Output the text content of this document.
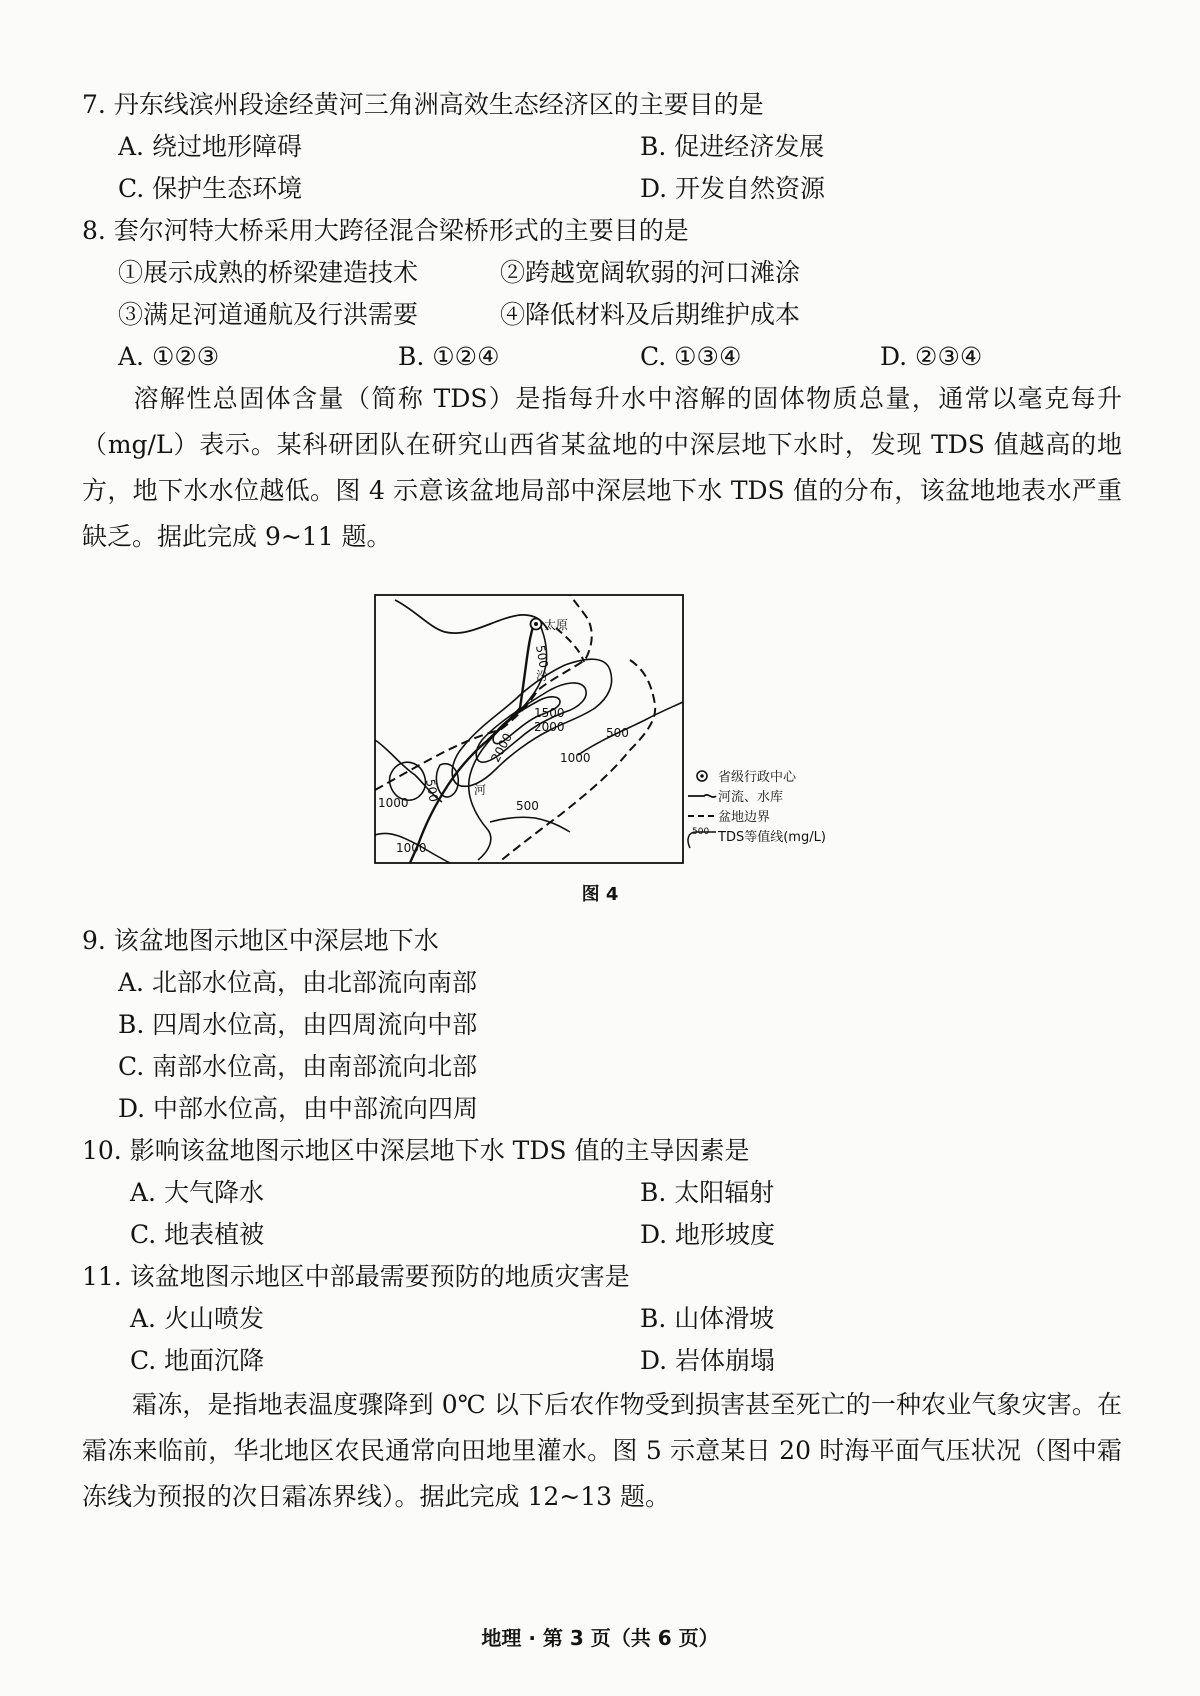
7. 丹东线滨州段途经黄河三角洲高效生态经济区的主要目的是
A. 绕过地形障碍	B. 促进经济发展
C. 保护生态环境	D. 开发自然资源
8. 套尔河特大桥采用大跨径混合梁桥形式的主要目的是
①展示成熟的桥梁建造技术	②跨越宽阔软弱的河口滩涂
③满足河道通航及行洪需要	④降低材料及后期维护成本
A. ①②③	B. ①②④	C. ①③④	D. ②③④
溶解性总固体含量（简称 TDS）是指每升水中溶解的固体物质总量，通常以毫克每升（mg/L）表示。某科研团队在研究山西省某盆地的中深层地下水时，发现 TDS 值越高的地方，地下水水位越低。图 4 示意该盆地局部中深层地下水 TDS 值的分布，该盆地地表水严重缺乏。据此完成 9~11 题。
太原
500
汾
1500
2000
2000	500
1000
500	河
1000	500
1000
省级行政中心
河流、水库
盆地边界
500 TDS等值线(mg/L)
图 4
9. 该盆地图示地区中深层地下水
A. 北部水位高，由北部流向南部
B. 四周水位高，由四周流向中部
C. 南部水位高，由南部流向北部
D. 中部水位高，由中部流向四周
10. 影响该盆地图示地区中深层地下水 TDS 值的主导因素是
A. 大气降水	B. 太阳辐射
C. 地表植被	D. 地形坡度
11. 该盆地图示地区中部最需要预防的地质灾害是
A. 火山喷发	B. 山体滑坡
C. 地面沉降	D. 岩体崩塌
霜冻，是指地表温度骤降到 0℃ 以下后农作物受到损害甚至死亡的一种农业气象灾害。在霜冻来临前，华北地区农民通常向田地里灌水。图 5 示意某日 20 时海平面气压状况（图中霜冻线为预报的次日霜冻界线）。据此完成 12~13 题。
地理 · 第 3 页（共 6 页）
